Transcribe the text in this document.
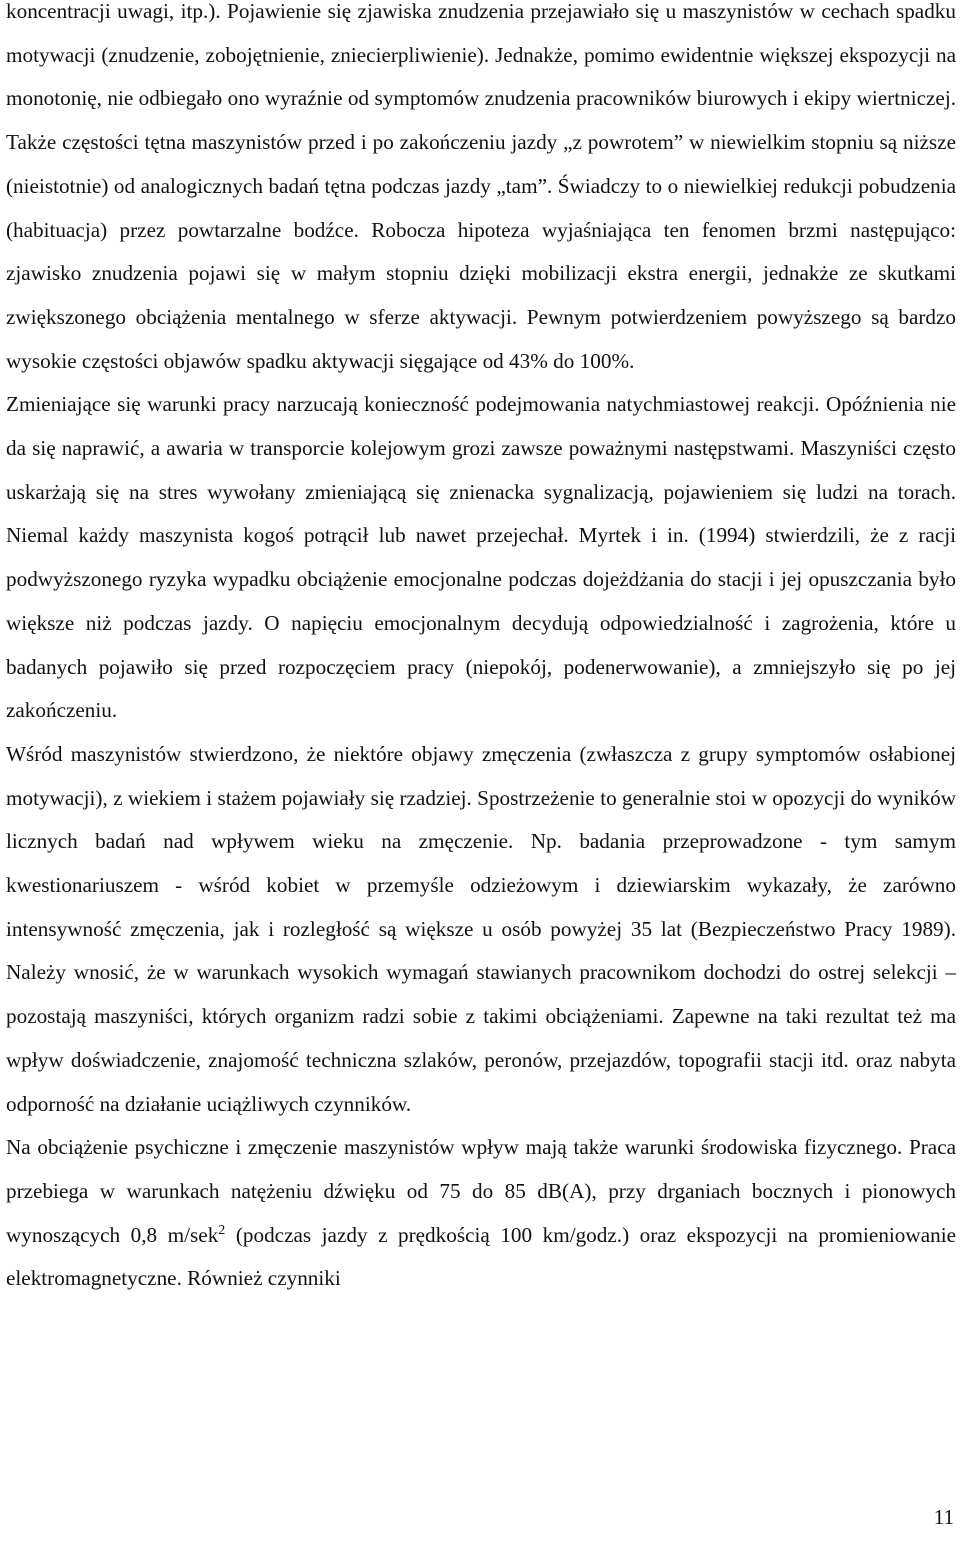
koncentracji uwagi, itp.). Pojawienie się zjawiska znudzenia przejawiało się u maszynistów w cechach spadku motywacji (znudzenie, zobojętnienie, zniecierpliwienie). Jednakże, pomimo ewidentnie większej ekspozycji na monotonię, nie odbiegało ono wyraźnie od symptomów znudzenia pracowników biurowych i ekipy wiertniczej. Także częstości tętna maszynistów przed i po zakończeniu jazdy „z powrotem” w niewielkim stopniu są niższe (nieistotnie) od analogicznych badań tętna podczas jazdy „tam”. Świadczy to o niewielkiej redukcji pobudzenia (habituacja) przez powtarzalne bodźce. Robocza hipoteza wyjaśniająca ten fenomen brzmi następująco: zjawisko znudzenia pojawi się w małym stopniu dzięki mobilizacji ekstra energii, jednakże ze skutkami zwiększonego obciążenia mentalnego w sferze aktywacji. Pewnym potwierdzeniem powyższego są bardzo wysokie częstości objawów spadku aktywacji sięgające od 43% do 100%.

Zmieniające się warunki pracy narzucają konieczność podejmowania natychmiastowej reakcji. Opóźnienia nie da się naprawić, a awaria w transporcie kolejowym grozi zawsze poważnymi następstwami. Maszyniści często uskarżają się na stres wywołany zmieniającą się znienacka sygnalizacją, pojawieniem się ludzi na torach. Niemal każdy maszynista kogoś potrącił lub nawet przejechał. Myrtek i in. (1994) stwierdzili, że z racji podwyższonego ryzyka wypadku obciążenie emocjonalne podczas dojeżdżania do stacji i jej opuszczania było większe niż podczas jazdy. O napięciu emocjonalnym decydują odpowiedzialność i zagrożenia, które u badanych pojawiło się przed rozpoczęciem pracy (niepokój, podenerwowanie), a zmniejszyło się po jej zakończeniu.

Wśród maszynistów stwierdzono, że niektóre objawy zmęczenia (zwłaszcza z grupy symptomów osłabionej motywacji), z wiekiem i stażem pojawiały się rzadziej. Spostrzeżenie to generalnie stoi w opozycji do wyników licznych badań nad wpływem wieku na zmęczenie. Np. badania przeprowadzone - tym samym kwestionariuszem - wśród kobiet w przemyśle odzieżowym i dziewiarskim wykazały, że zarówno intensywność zmęczenia, jak i rozległość są większe u osób powyżej 35 lat (Bezpieczeństwo Pracy 1989). Należy wnosić, że w warunkach wysokich wymagań stawianych pracownikom dochodzi do ostrej selekcji – pozostają maszyniści, których organizm radzi sobie z takimi obciążeniami. Zapewne na taki rezultat też ma wpływ doświadczenie, znajomość techniczna szlaków, peronów, przejazdów, topografii stacji itd. oraz nabyta odporność na działanie uciążliwych czynników.

Na obciążenie psychiczne i zmęczenie maszynistów wpływ mają także warunki środowiska fizycznego. Praca przebiega w warunkach natężeniu dźwięku od 75 do 85 dB(A), przy drganiach bocznych i pionowych wynoszących 0,8 m/sek$^2$ (podczas jazdy z prędkością 100 km/godz.) oraz ekspozycji na promieniowanie elektromagnetyczne. Również czynniki

11
